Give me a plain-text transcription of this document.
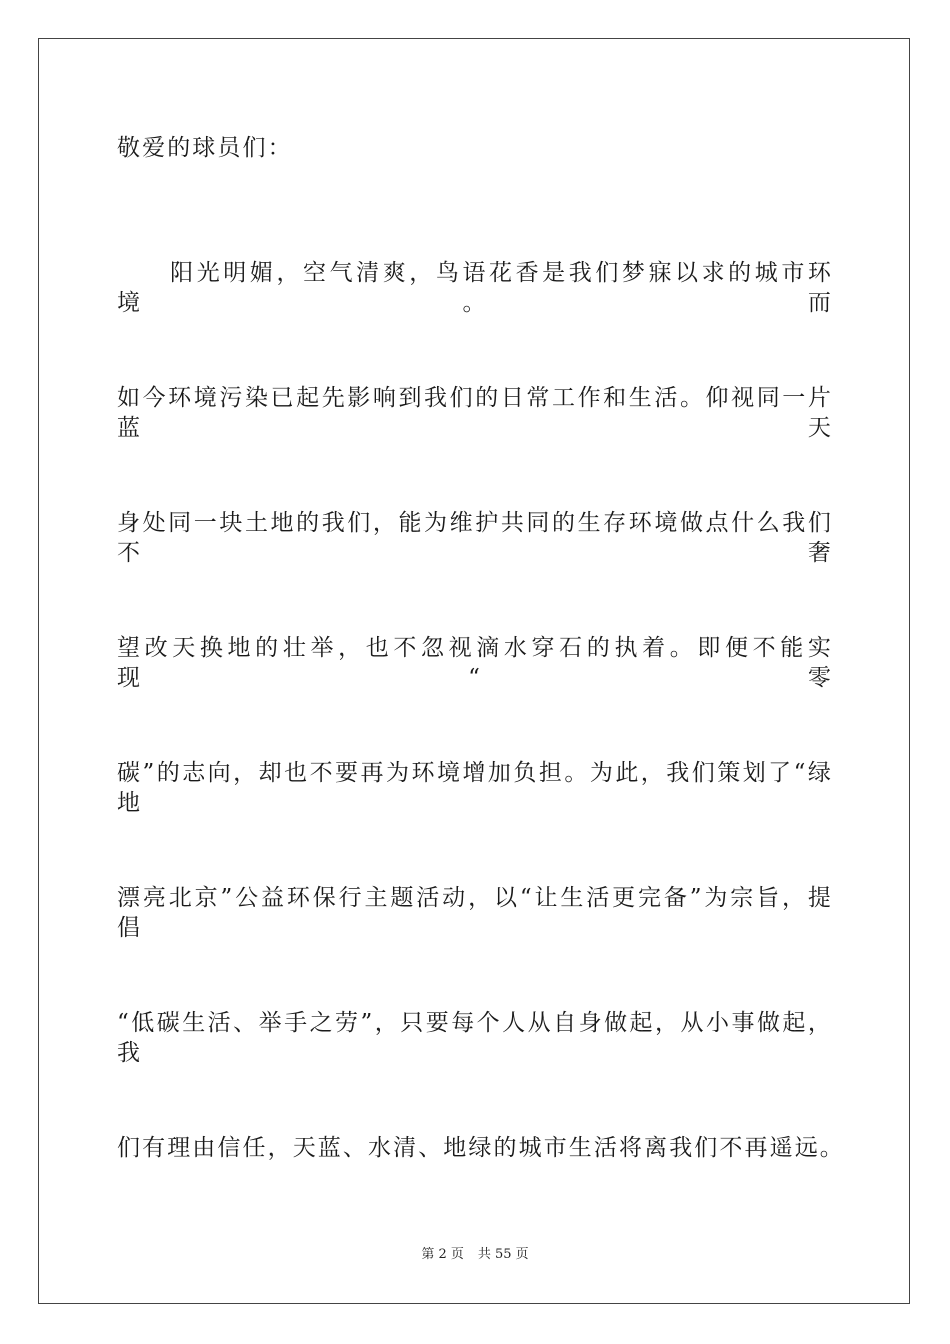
敬爱的球员们：
　　阳光明媚，空气清爽，鸟语花香是我们梦寐以求的城市环境。而
如今环境污染已起先影响到我们的日常工作和生活。仰视同一片蓝天
身处同一块土地的我们，能为维护共同的生存环境做点什么我们不奢
望改天换地的壮举，也不忽视滴水穿石的执着。即便不能实现“零
碳”的志向，却也不要再为环境增加负担。为此，我们策划了“绿地
漂亮北京”公益环保行主题活动，以“让生活更完备”为宗旨，提倡
“低碳生活、举手之劳”，只要每个人从自身做起，从小事做起，我
们有理由信任，天蓝、水清、地绿的城市生活将离我们不再遥远。
第 2 页 共 55 页
